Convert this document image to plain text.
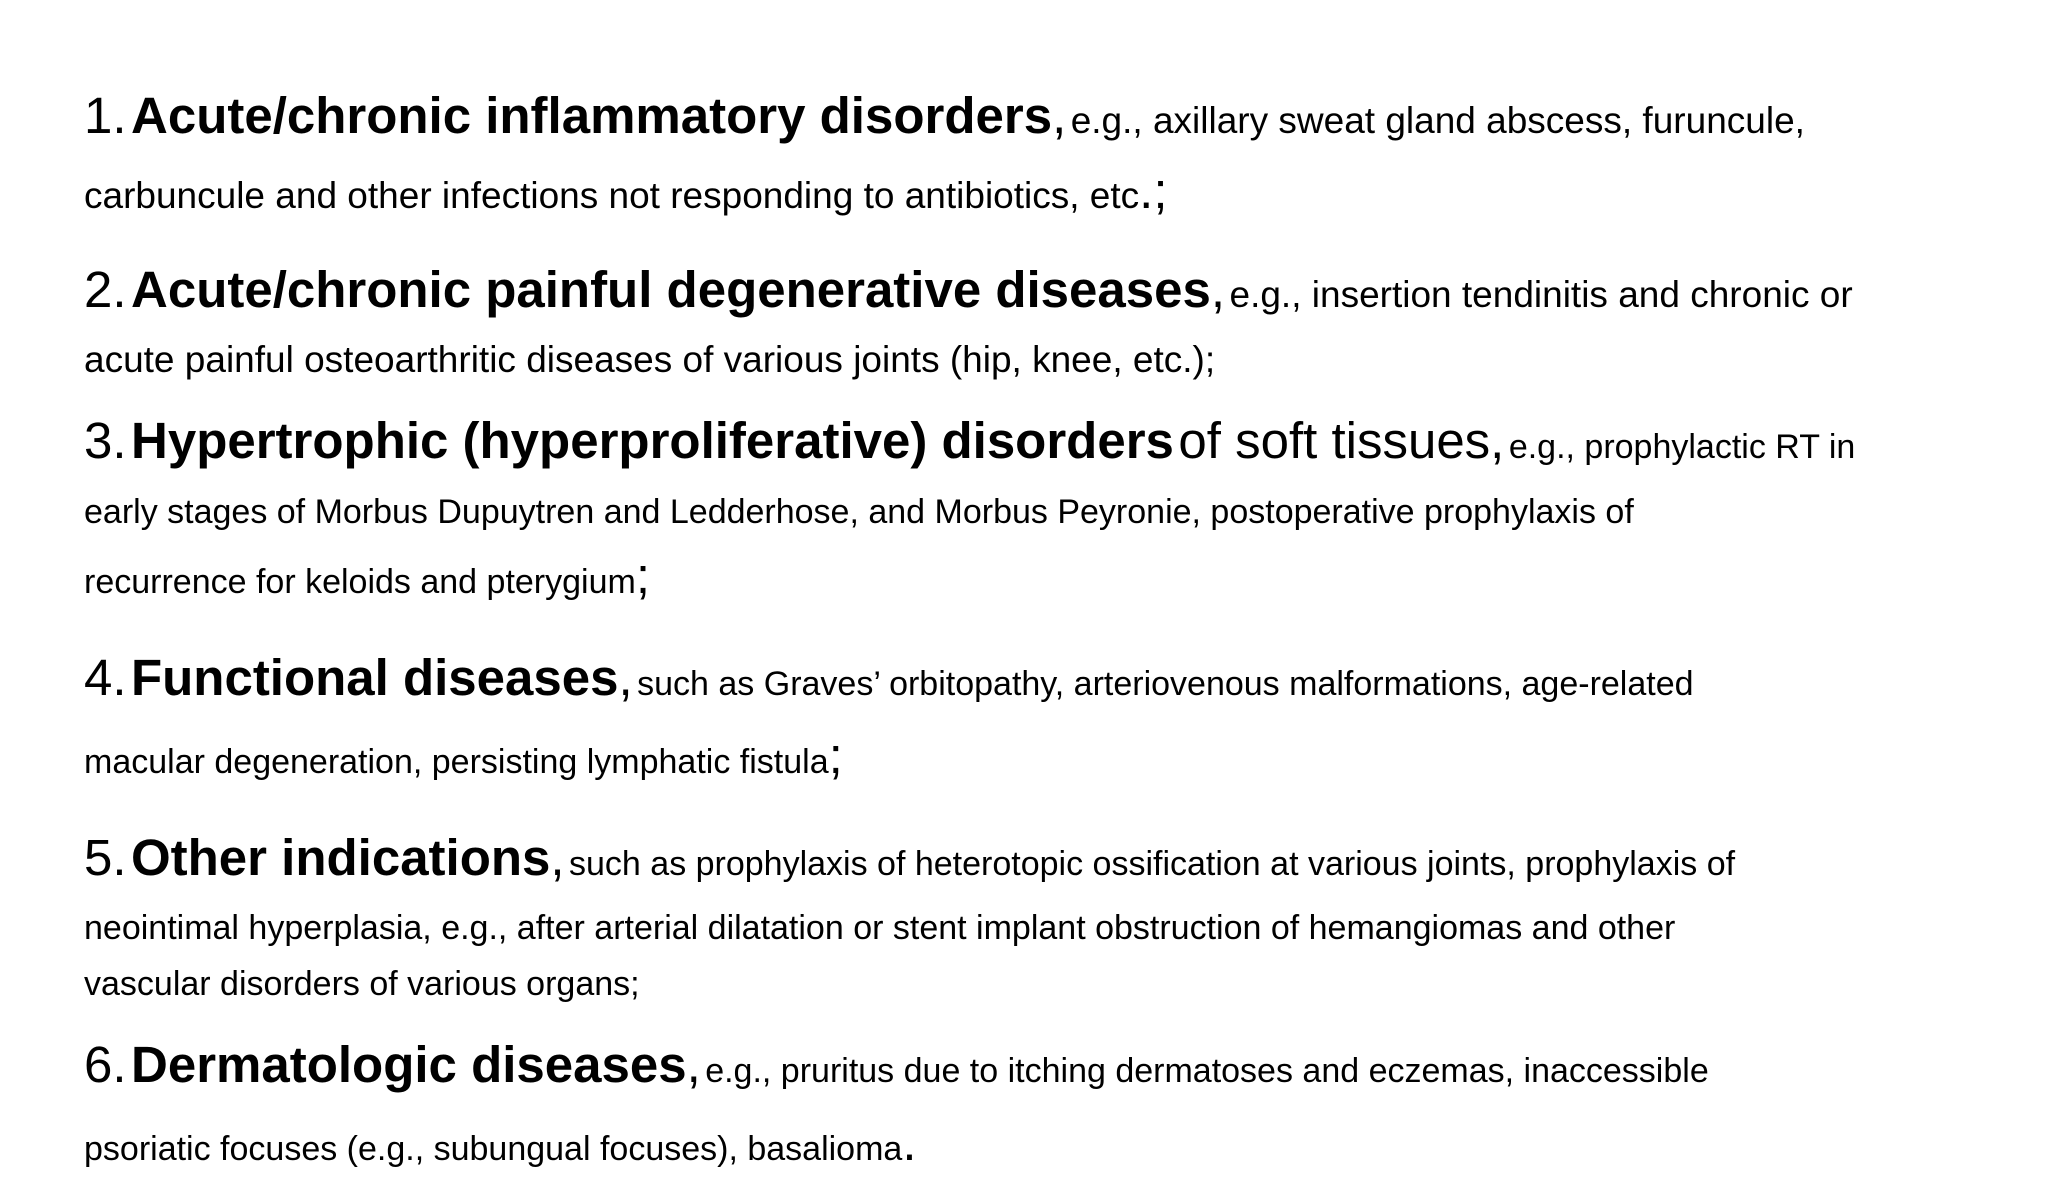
1. Acute/chronic inflammatory disorders, e.g., axillary sweat gland abscess, furuncule,
carbuncule and other infections not responding to antibiotics, etc.;
2. Acute/chronic painful degenerative diseases, e.g., insertion tendinitis and chronic or
acute painful osteoarthritic diseases of various joints (hip, knee, etc.);
3. Hypertrophic (hyperproliferative) disorders of soft tissues, e.g., prophylactic RT in
early stages of Morbus Dupuytren and Ledderhose, and Morbus Peyronie, postoperative prophylaxis of
recurrence for keloids and pterygium;
4. Functional diseases, such as Graves’ orbitopathy, arteriovenous malformations, age-related
macular degeneration, persisting lymphatic fistula;
5. Other indications, such as prophylaxis of heterotopic ossification at various joints, prophylaxis of
neointimal hyperplasia, e.g., after arterial dilatation or stent implant obstruction of hemangiomas and other
vascular disorders of various organs;
6. Dermatologic diseases, e.g., pruritus due to itching dermatoses and eczemas, inaccessible
psoriatic focuses (e.g., subungual focuses), basalioma.
